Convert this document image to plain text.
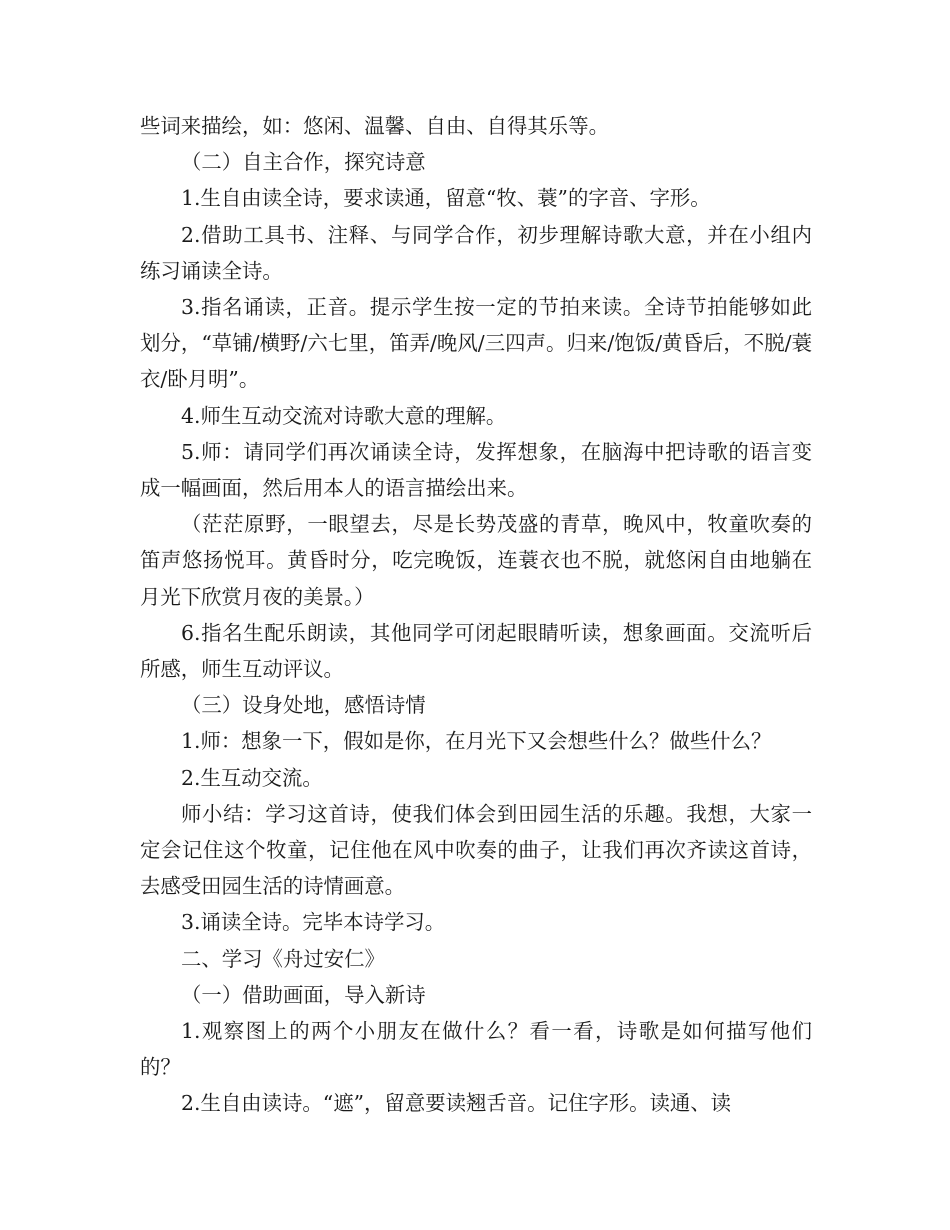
些词来描绘，如：悠闲、温馨、自由、自得其乐等。

（二）自主合作，探究诗意

1.生自由读全诗，要求读通，留意“牧、蓑”的字音、字形。

2.借助工具书、注释、与同学合作，初步理解诗歌大意，并在小组内练习诵读全诗。

3.指名诵读，正音。提示学生按一定的节拍来读。全诗节拍能够如此划分，“草铺/横野/六七里，笛弄/晚风/三四声。归来/饱饭/黄昏后，不脱/蓑衣/卧月明”。

4.师生互动交流对诗歌大意的理解。

5.师：请同学们再次诵读全诗，发挥想象，在脑海中把诗歌的语言变成一幅画面，然后用本人的语言描绘出来。

（茫茫原野，一眼望去，尽是长势茂盛的青草，晚风中，牧童吹奏的笛声悠扬悦耳。黄昏时分，吃完晚饭，连蓑衣也不脱，就悠闲自由地躺在月光下欣赏月夜的美景。）

6.指名生配乐朗读，其他同学可闭起眼睛听读，想象画面。交流听后所感，师生互动评议。

（三）设身处地，感悟诗情

1.师：想象一下，假如是你，在月光下又会想些什么？做些什么？

2.生互动交流。

师小结：学习这首诗，使我们体会到田园生活的乐趣。我想，大家一定会记住这个牧童，记住他在风中吹奏的曲子，让我们再次齐读这首诗，去感受田园生活的诗情画意。

3.诵读全诗。完毕本诗学习。

二、学习《舟过安仁》

（一）借助画面，导入新诗

1.观察图上的两个小朋友在做什么？看一看，诗歌是如何描写他们的？

2.生自由读诗。“遮”，留意要读翘舌音。记住字形。读通、读
